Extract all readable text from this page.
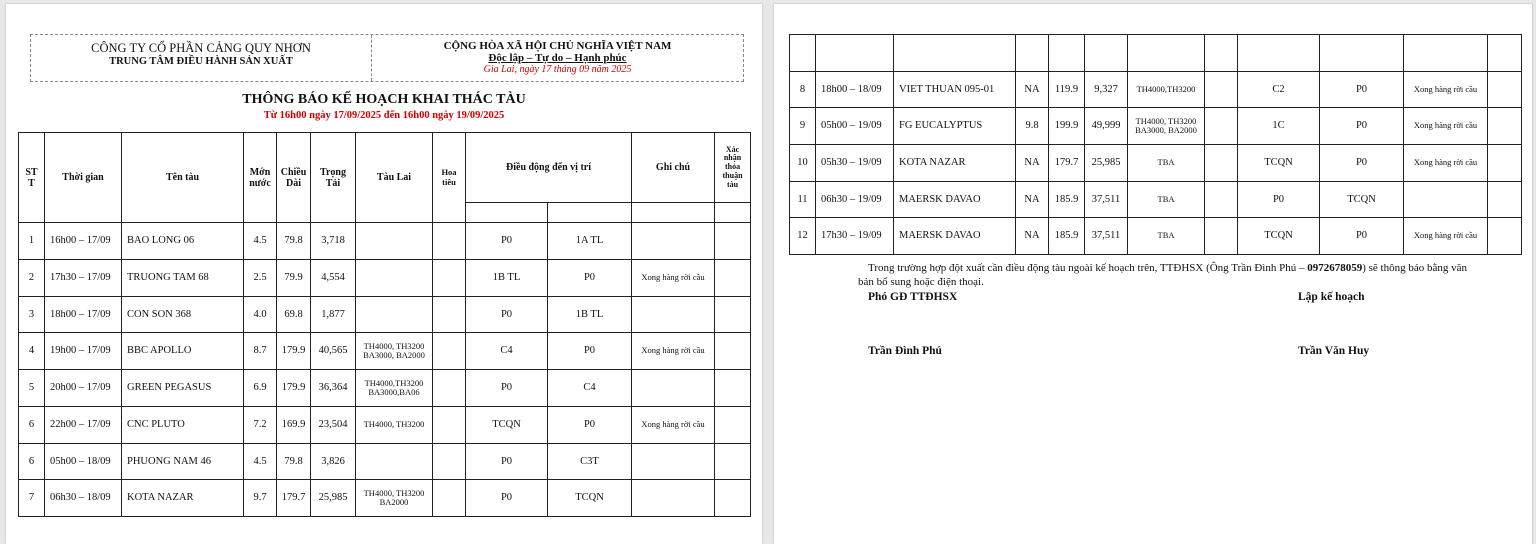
CÔNG TY CỔ PHẦN CẢNG QUY NHƠN
TRUNG TÂM ĐIỀU HÀNH SẢN XUẤT
CỘNG HÒA XÃ HỘI CHỦ NGHĨA VIỆT NAM
Độc lập – Tự do – Hạnh phúc
Gia Lai, ngày 17 tháng 09 năm 2025
THÔNG BÁO KẾ HOẠCH KHAI THÁC TÀU
Từ 16h00 ngày 17/09/2025 đến 16h00 ngày 19/09/2025
ST T	Thời gian	Tên tàu	Mớn nước	Chiều Dài	Trọng Tải	Tàu Lai	Hoa tiêu	Điều động đến vị trí		Ghi chú	Xác nhận thỏa thuận tàu

1	16h00 – 17/09	BAO LONG 06	4.5	79.8	3,718			P0	1A TL		
2	17h30 – 17/09	TRUONG TAM 68	2.5	79.9	4,554			1B TL	P0	Xong hàng rời cầu	
3	18h00 – 17/09	CON SON 368	4.0	69.8	1,877			P0	1B TL		
4	19h00 – 17/09	BBC APOLLO	8.7	179.9	40,565	TH4000, TH3200 BA3000, BA2000		C4	P0	Xong hàng rời cầu	
5	20h00 – 17/09	GREEN PEGASUS	6.9	179.9	36,364	TH4000,TH3200 BA3000,BA06		P0	C4		
6	22h00 – 17/09	CNC PLUTO	7.2	169.9	23,504	TH4000, TH3200		TCQN	P0	Xong hàng rời cầu	
6	05h00 – 18/09	PHUONG NAM 46	4.5	79.8	3,826			P0	C3T		
7	06h30 – 18/09	KOTA NAZAR	9.7	179.7	25,985	TH4000, TH3200 BA2000		P0	TCQN		

8	18h00 – 18/09	VIET THUAN 095-01	NA	119.9	9,327	TH4000,TH3200		C2	P0	Xong hàng rời cầu	
9	05h00 – 19/09	FG EUCALYPTUS	9.8	199.9	49,999	TH4000, TH3200 BA3000, BA2000		1C	P0	Xong hàng rời cầu	
10	05h30 – 19/09	KOTA NAZAR	NA	179.7	25,985	TBA		TCQN	P0	Xong hàng rời cầu	
11	06h30 – 19/09	MAERSK DAVAO	NA	185.9	37,511	TBA		P0	TCQN		
12	17h30 – 19/09	MAERSK DAVAO	NA	185.9	37,511	TBA		TCQN	P0	Xong hàng rời cầu	
Trong trường hợp đột xuất cần điều động tàu ngoài kế hoạch trên, TTĐHSX (Ông Trần Đình Phú – 0972678059) sẽ thông báo bằng văn bản bổ sung hoặc điện thoại.
Phó GĐ TTĐHSX
Trần Đình Phú
Lập kế hoạch
Trần Văn Huy
